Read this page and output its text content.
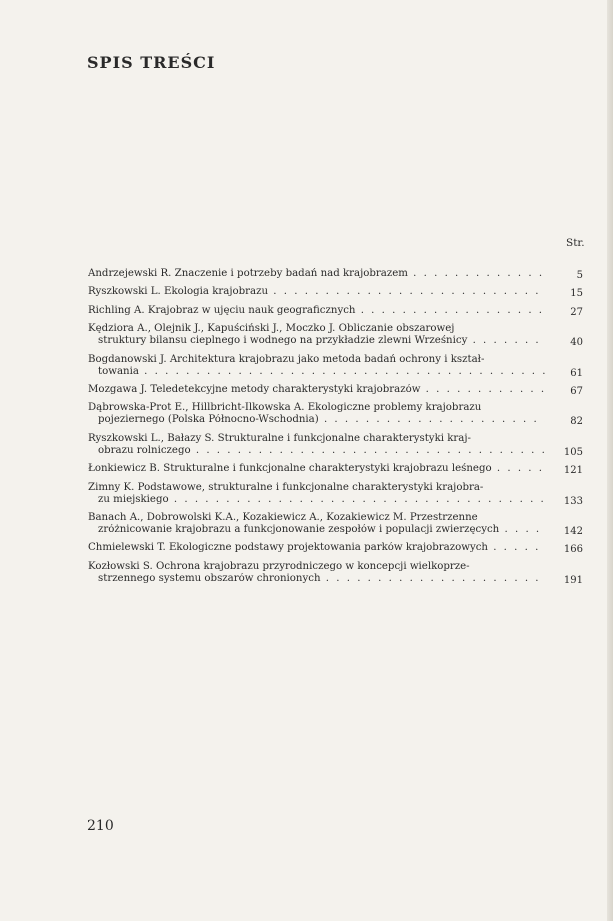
SPIS TREŚCI
Str.
Andrzejewski R. Znaczenie i potrzeby badań nad krajobrazem . . .	5
Ryszkowski L. Ekologia krajobrazu . . .	15
Richling A. Krajobraz w ujęciu nauk geograficznych . . .	27
Kędziora A., Olejnik J., Kapuściński J., Moczko J. Obliczanie obszarowej
struktury bilansu cieplnego i wodnego na przykładzie zlewni Wrześnicy . . .	40
Bogdanowski J. Architektura krajobrazu jako metoda badań ochrony i kształ-
towania . . .	61
Mozgawa J. Teledetekcyjne metody charakterystyki krajobrazów . . .	67
Dąbrowska-Prot E., Hillbricht-Ilkowska A. Ekologiczne problemy krajobrazu
pojeziernego (Polska Północno-Wschodnia) . . .	82
Ryszkowski L., Bałazy S. Strukturalne i funkcjonalne charakterystyki kraj-
obrazu rolniczego . . .	105
Łonkiewicz B. Strukturalne i funkcjonalne charakterystyki krajobrazu leśnego . . .	121
Zimny K. Podstawowe, strukturalne i funkcjonalne charakterystyki krajobra-
zu miejskiego . . .	133
Banach A., Dobrowolski K.A., Kozakiewicz A., Kozakiewicz M. Przestrzenne
zróżnicowanie krajobrazu a funkcjonowanie zespołów i populacji zwierzęcych . . .	142
Chmielewski T. Ekologiczne podstawy projektowania parków krajobrazowych . . .	166
Kozłowski S. Ochrona krajobrazu przyrodniczego w koncepcji wielkoprze-
strzennego systemu obszarów chronionych . . .	191
210
